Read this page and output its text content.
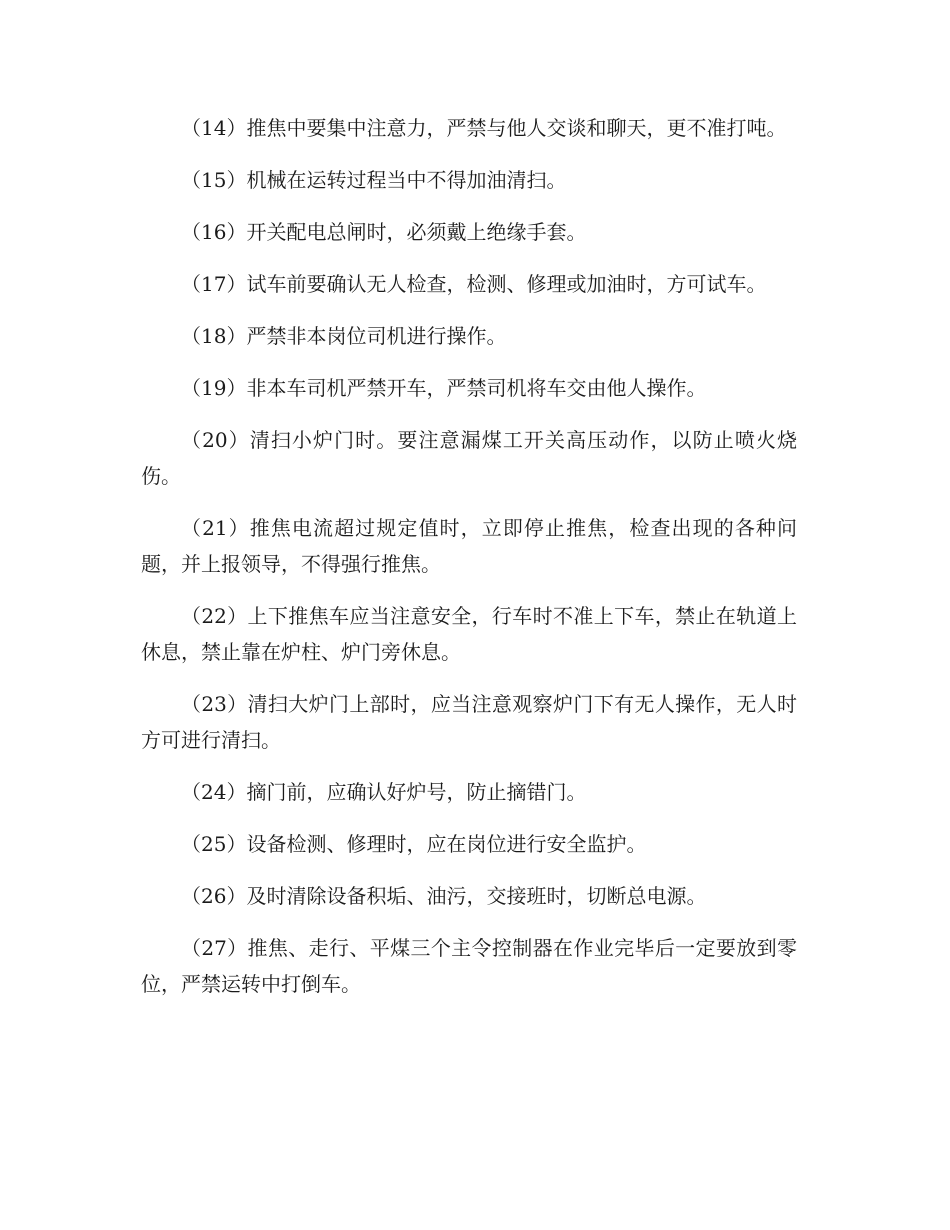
（14）推焦中要集中注意力，严禁与他人交谈和聊天，更不准打吨。

（15）机械在运转过程当中不得加油清扫。

（16）开关配电总闸时，必须戴上绝缘手套。

（17）试车前要确认无人检查，检测、修理或加油时，方可试车。

（18）严禁非本岗位司机进行操作。

（19）非本车司机严禁开车，严禁司机将车交由他人操作。

（20）清扫小炉门时。要注意漏煤工开关高压动作，以防止喷火烧伤。

（21）推焦电流超过规定值时，立即停止推焦，检查出现的各种问题，并上报领导，不得强行推焦。

（22）上下推焦车应当注意安全，行车时不准上下车，禁止在轨道上休息，禁止靠在炉柱、炉门旁休息。

（23）清扫大炉门上部时，应当注意观察炉门下有无人操作，无人时方可进行清扫。

（24）摘门前，应确认好炉号，防止摘错门。

（25）设备检测、修理时，应在岗位进行安全监护。

（26）及时清除设备积垢、油污，交接班时，切断总电源。

（27）推焦、走行、平煤三个主令控制器在作业完毕后一定要放到零位，严禁运转中打倒车。
